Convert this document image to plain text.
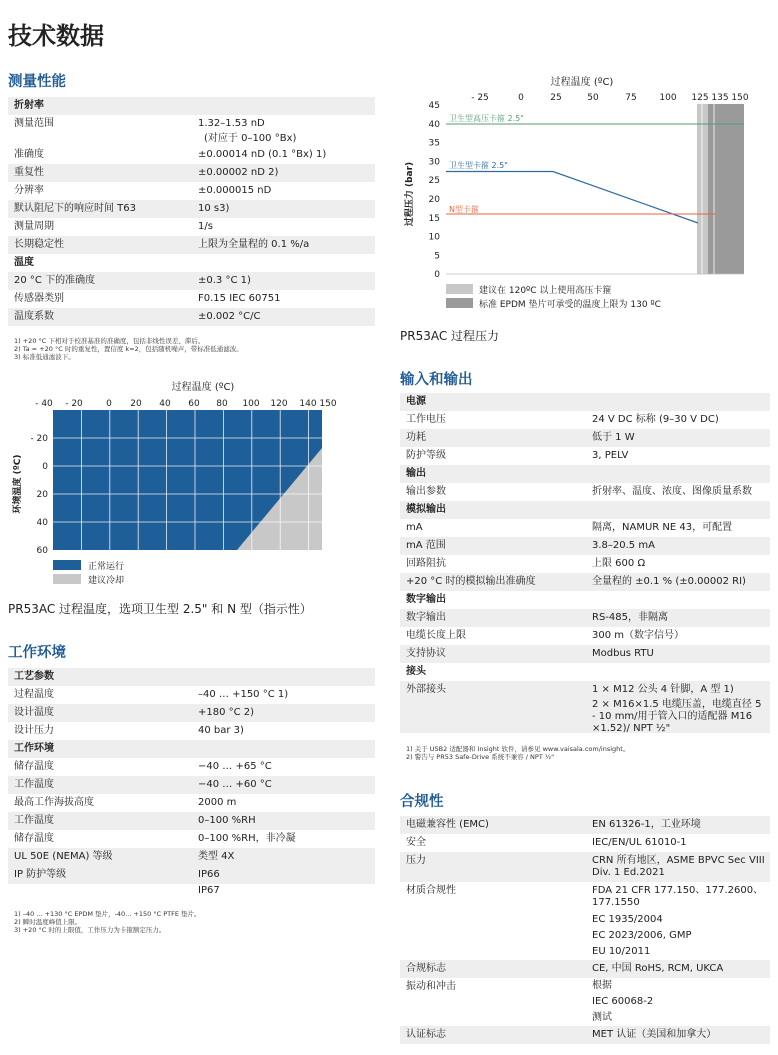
技术数据
测量性能
折射率
测量范围	1.32–1.53 nD
(对应于 0–100 °Bx)
准确度	±0.00014 nD (0.1 °Bx) 1)
重复性	±0.00002 nD 2)
分辨率	±0.000015 nD
默认阻尼下的响应时间 T63	10 s3)
测量周期	1/s
长期稳定性	上限为全量程的 0.1 %/a
温度
20 °C 下的准确度	±0.3 °C 1)
传感器类别	F0.15 IEC 60751
温度系数	±0.002 °C/C
1) +20 °C 下相对于校准基准的准确度，包括非线性误差、滞后。
2) Ta = +20 °C 时的重复性，置信度 k=2，包括随机噪声，带标准低通滤波。
3) 标准低通滤波下。
过程温度 (ºC)
- 40 - 20	0 20 40 60 80 100 120 140 150
- 20
0
20
40
60
环境温度 (ºC)
正常运行
建议冷却
PR53AC 过程温度，选项卫生型 2.5" 和 N 型（指示性）
工作环境
工艺参数
过程温度	–40 … +150 °C 1)
设计温度	+180 °C 2)
设计压力	40 bar 3)
工作环境
储存温度	−40 … +65 °C
工作温度	−40 … +60 °C
最高工作海拔高度	2000 m
工作温度	0–100 %RH
储存温度	0–100 %RH，非冷凝
UL 50E (NEMA) 等级	类型 4X
IP 防护等级	IP66
IP67
1) –40 ... +130 °C EPDM 垫片，-40... +150 °C PTFE 垫片。
2) 瞬时温度峰值上限。
3) +20 °C 时的上限值，工作压力为卡箍额定压力。
过程温度 (ºC)
- 25	0	25	50	75	100 125 135 150
45
40
35
30
25
20
15
10
5
0
卫生型高压卡箍 2.5"
卫生型卡箍 2.5"
N型卡箍
过程压力 (bar)
建议在 120ºC 以上使用高压卡箍
标准 EPDM 垫片可承受的温度上限为 130 ºC
PR53AC 过程压力
输入和输出
电源
工作电压	24 V DC 标称 (9–30 V DC)
功耗	低于 1 W
防护等级	3, PELV
输出
输出参数	折射率、温度、浓度、图像质量系数
模拟输出
mA	隔离，NAMUR NE 43，可配置
mA 范围	3.8–20.5 mA
回路阻抗	上限 600 Ω
+20 °C 时的模拟输出准确度	全量程的 ±0.1 % (±0.00002 RI)
数字输出
数字输出	RS-485，非隔离
电缆长度上限	300 m（数字信号）
支持协议	Modbus RTU
接头
外部接头	1 × M12 公头 4 针脚，A 型 1)
2 × M16×1.5 电缆压盖，电缆直径 5 - 10 mm/用于管入口的适配器 M16 ×1.52)/ NPT ½"
1) 关于 USB2 适配器和 Insight 软件，请参见 www.vaisala.com/insight。
2) 警告与 PR53 Safe-Drive 系统不兼容 / NPT ½"
合规性
电磁兼容性 (EMC)	EN 61326-1，工业环境
安全	IEC/EN/UL 61010-1
压力	CRN 所有地区，ASME BPVC Sec VIII Div. 1 Ed.2021
材质合规性	FDA 21 CFR 177.150、177.2600、177.1550
EC 1935/2004
EC 2023/2006, GMP
EU 10/2011
合规标志	CE, 中国 RoHS, RCM, UKCA
振动和冲击	根据
IEC 60068-2
测试
认证标志	MET 认证（美国和加拿大）
